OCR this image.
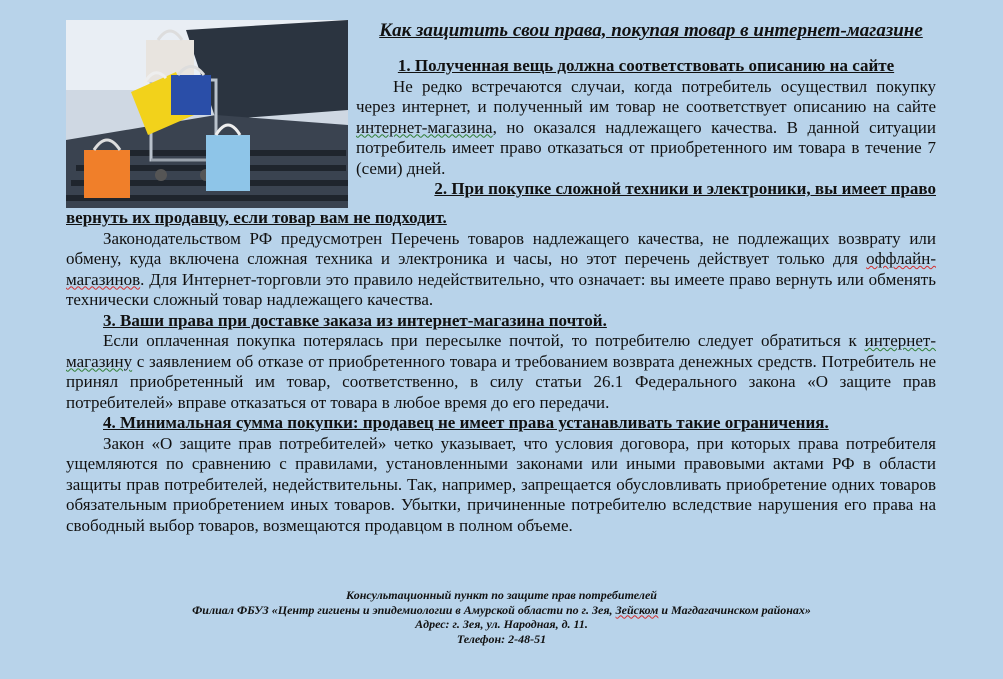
Как защитить свои права, покупая товар в интернет-магазине

1. Полученная вещь должна соответствовать описанию на сайте

Не редко встречаются случаи, когда потребитель осуществил покупку через интернет, и полученный им товар не соответствует описанию на сайте интернет-магазина, но оказался надлежащего качества. В данной ситуации потребитель имеет право отказаться от приобретенного им товара в течение 7 (семи) дней.

2. При покупке сложной техники и электроники, вы имеет право

вернуть их продавцу, если товар вам не подходит.

Законодательством РФ предусмотрен Перечень товаров надлежащего качества, не подлежащих возврату или обмену, куда включена сложная техника и электроника и часы, но этот перечень действует только для оффлайн-магазинов. Для Интернет-торговли это правило недействительно, что означает: вы имеете право вернуть или обменять технически сложный товар надлежащего качества.

3. Ваши права при доставке заказа из интернет-магазина почтой.

Если оплаченная покупка потерялась при пересылке почтой, то потребителю следует обратиться к интернет-магазину с заявлением об отказе от приобретенного товара и требованием возврата денежных средств. Потребитель не принял приобретенный им товар, соответственно, в силу статьи 26.1 Федерального закона «О защите прав потребителей» вправе отказаться от товара в любое время до его передачи.

4. Минимальная сумма покупки: продавец не имеет права устанавливать такие ограничения.

Закон «О защите прав потребителей» четко указывает, что условия договора, при которых права потребителя ущемляются по сравнению с правилами, установленными законами или иными правовыми актами РФ в области защиты прав потребителей, недействительны. Так, например, запрещается обусловливать приобретение одних товаров обязательным приобретением иных товаров. Убытки, причиненные потребителю вследствие нарушения его права на свободный выбор товаров, возмещаются продавцом в полном объеме.

Консультационный пункт по защите прав потребителей
Филиал ФБУЗ «Центр гигиены и эпидемиологии в Амурской области по г. Зея, Зейском и Магдагачинском районах»
Адрес: г. Зея, ул. Народная, д. 11.
Телефон: 2-48-51
